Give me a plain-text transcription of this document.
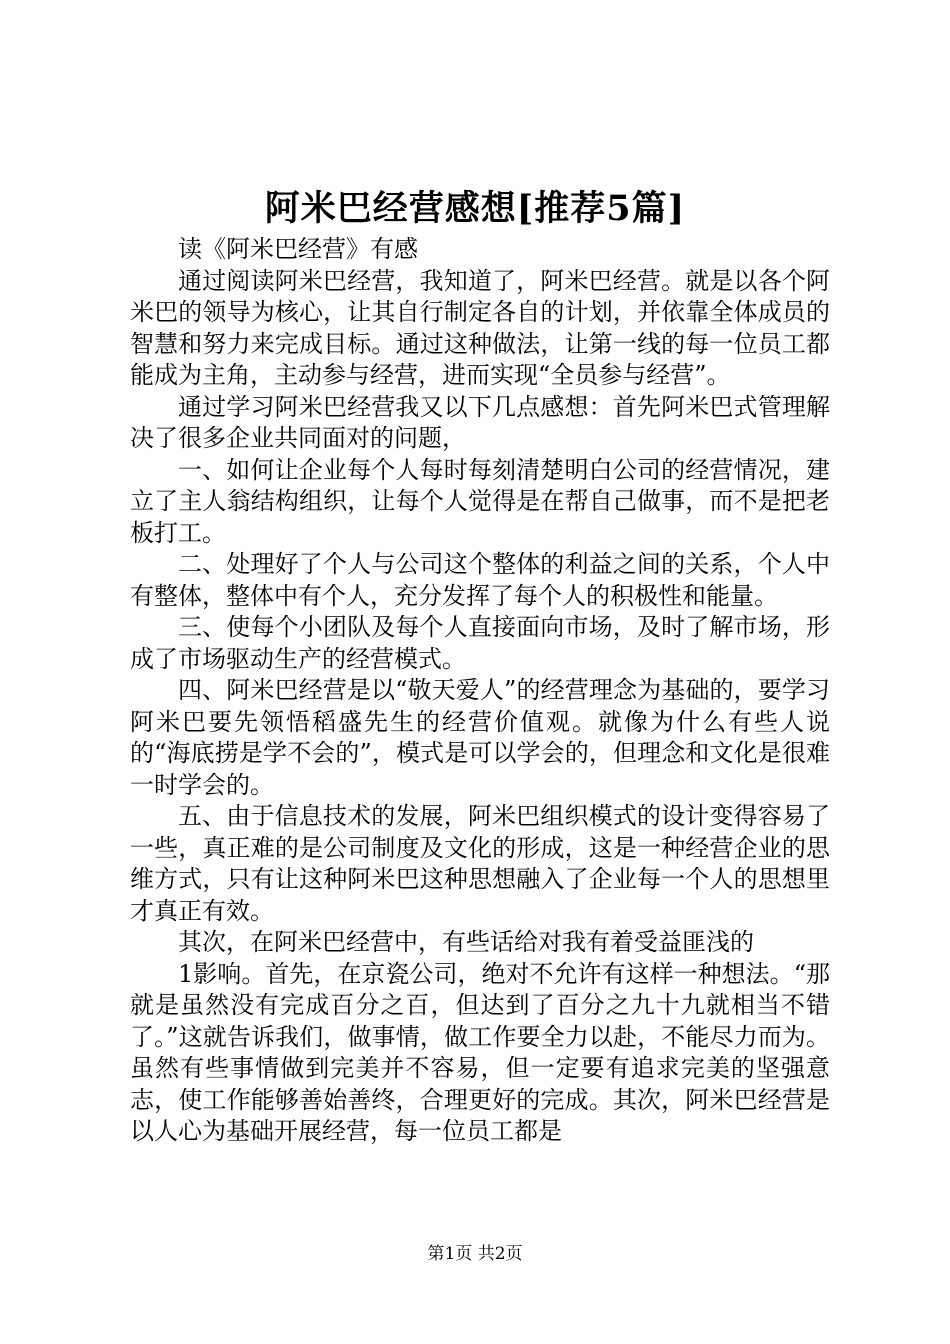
阿米巴经营感想[推荐5篇]

读《阿米巴经营》有感

通过阅读阿米巴经营，我知道了，阿米巴经营。就是以各个阿米巴的领导为核心，让其自行制定各自的计划，并依靠全体成员的智慧和努力来完成目标。通过这种做法，让第一线的每一位员工都能成为主角，主动参与经营，进而实现“全员参与经营”。

通过学习阿米巴经营我又以下几点感想：首先阿米巴式管理解决了很多企业共同面对的问题，

一、如何让企业每个人每时每刻清楚明白公司的经营情况，建立了主人翁结构组织，让每个人觉得是在帮自己做事，而不是把老板打工。

二、处理好了个人与公司这个整体的利益之间的关系，个人中有整体，整体中有个人，充分发挥了每个人的积极性和能量。

三、使每个小团队及每个人直接面向市场，及时了解市场，形成了市场驱动生产的经营模式。

四、阿米巴经营是以“敬天爱人”的经营理念为基础的，要学习阿米巴要先领悟稻盛先生的经营价值观。就像为什么有些人说的“海底捞是学不会的”，模式是可以学会的，但理念和文化是很难一时学会的。

五、由于信息技术的发展，阿米巴组织模式的设计变得容易了一些，真正难的是公司制度及文化的形成，这是一种经营企业的思维方式，只有让这种阿米巴这种思想融入了企业每一个人的思想里才真正有效。

其次，在阿米巴经营中，有些话给对我有着受益匪浅的

1影响。首先，在京瓷公司，绝对不允许有这样一种想法。“那就是虽然没有完成百分之百，但达到了百分之九十九就相当不错了。”这就告诉我们，做事情，做工作要全力以赴，不能尽力而为。虽然有些事情做到完美并不容易，但一定要有追求完美的坚强意志，使工作能够善始善终，合理更好的完成。其次，阿米巴经营是以人心为基础开展经营，每一位员工都是

第1页 共2页
